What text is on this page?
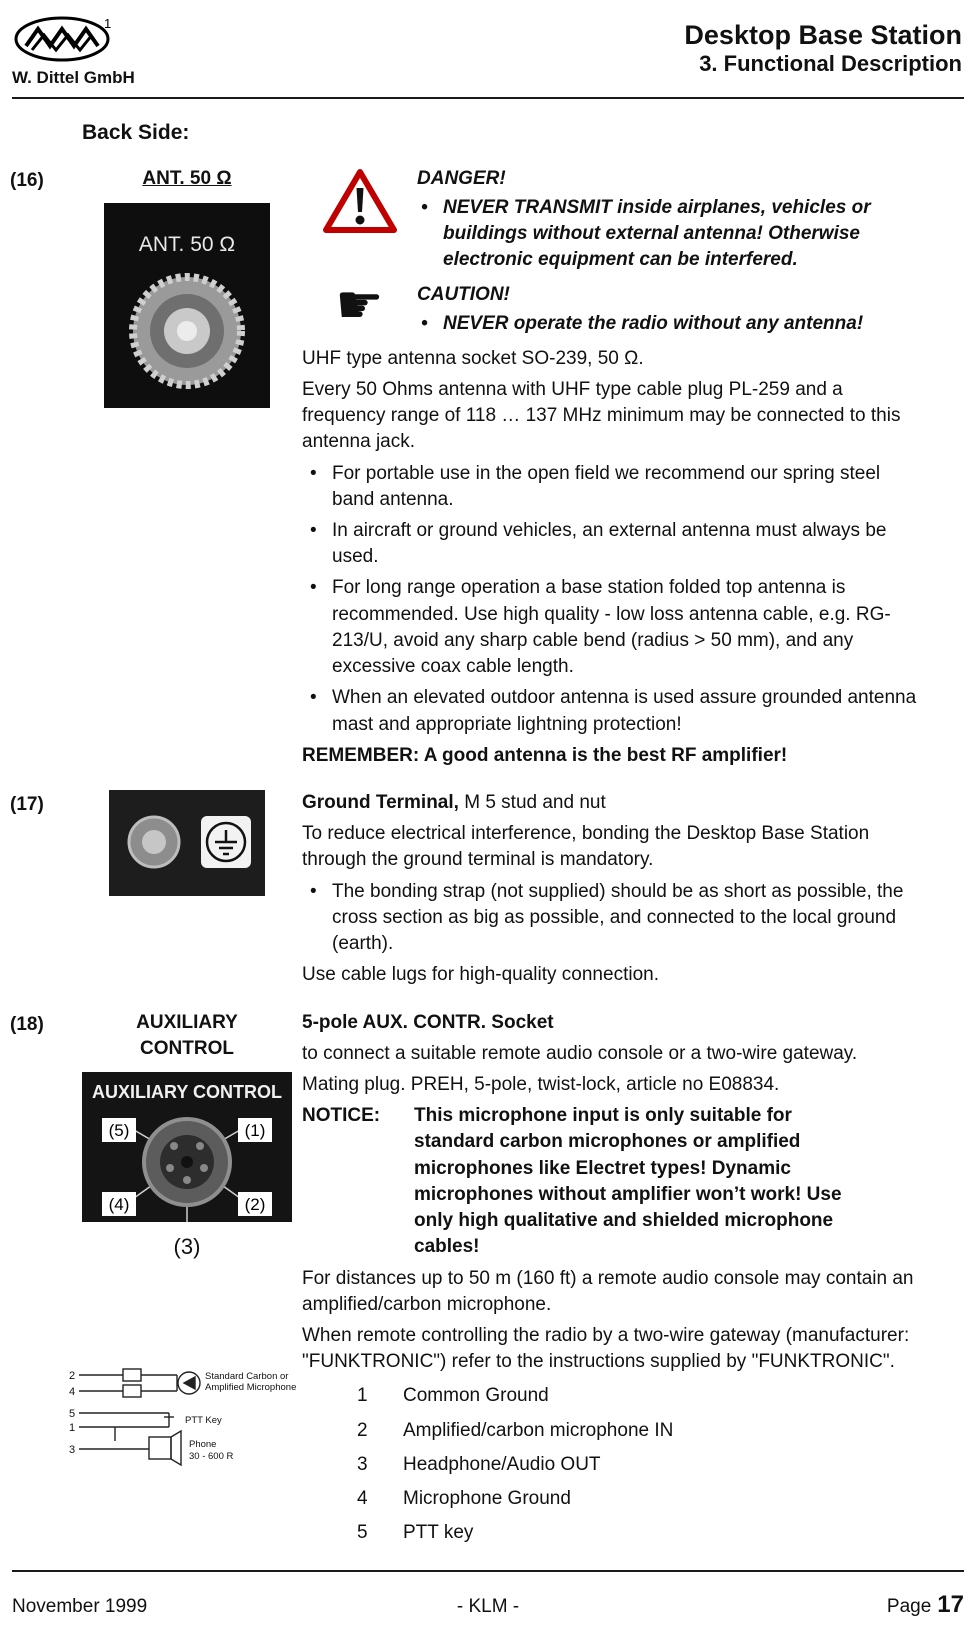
1
W. Dittel GmbH
Desktop Base Station
3. Functional Description
Back Side:
(16)	ANT. 50 Ω
ANT. 50 Ω
DANGER!
• NEVER TRANSMIT inside airplanes, vehicles or buildings without external antenna! Otherwise electronic equipment can be interfered.
☛ CAUTION!
• NEVER operate the radio without any antenna!

UHF type antenna socket SO-239, 50 Ω.

Every 50 Ohms antenna with UHF type cable plug PL-259 and a frequency range of 118 … 137 MHz minimum may be connected to this antenna jack.

• For portable use in the open field we recommend our spring steel band antenna.
• In aircraft or ground vehicles, an external antenna must always be used.
• For long range operation a base station folded top antenna is recommended. Use high quality - low loss antenna cable, e.g. RG-213/U, avoid any sharp cable bend (radius > 50 mm), and any excessive coax cable length.
• When an elevated outdoor antenna is used assure grounded antenna mast and appropriate lightning protection!

REMEMBER: A good antenna is the best RF amplifier!

(17)	Ground Terminal, M 5 stud and nut

To reduce electrical interference, bonding the Desktop Base Station through the ground terminal is mandatory.

• The bonding strap (not supplied) should be as short as possible, the cross section as big as possible, and connected to the local ground (earth).

Use cable lugs for high-quality connection.

(18)	AUXILIARY
CONTROL
AUXILIARY CONTROL
(5)	(1)
(4)	(2)
(3)
2
4
5
1
3
Standard Carbon or
Amplified Microphone
PTT Key
Phone
30 - 600 R

5-pole AUX. CONTR. Socket

to connect a suitable remote audio console or a two-wire gateway.

Mating plug. PREH, 5-pole, twist-lock, article no E08834.

NOTICE:	This microphone input is only suitable for standard carbon microphones or amplified microphones like Electret types! Dynamic microphones without amplifier won’t work! Use only high qualitative and shielded microphone cables!

For distances up to 50 m (160 ft) a remote audio console may contain an amplified/carbon microphone.

When remote controlling the radio by a two-wire gateway (manufacturer: "FUNKTRONIC") refer to the instructions supplied by "FUNKTRONIC".

1	Common Ground
2	Amplified/carbon microphone IN
3	Headphone/Audio OUT
4	Microphone Ground
5	PTT key
November 1999	- KLM -	Page 17
